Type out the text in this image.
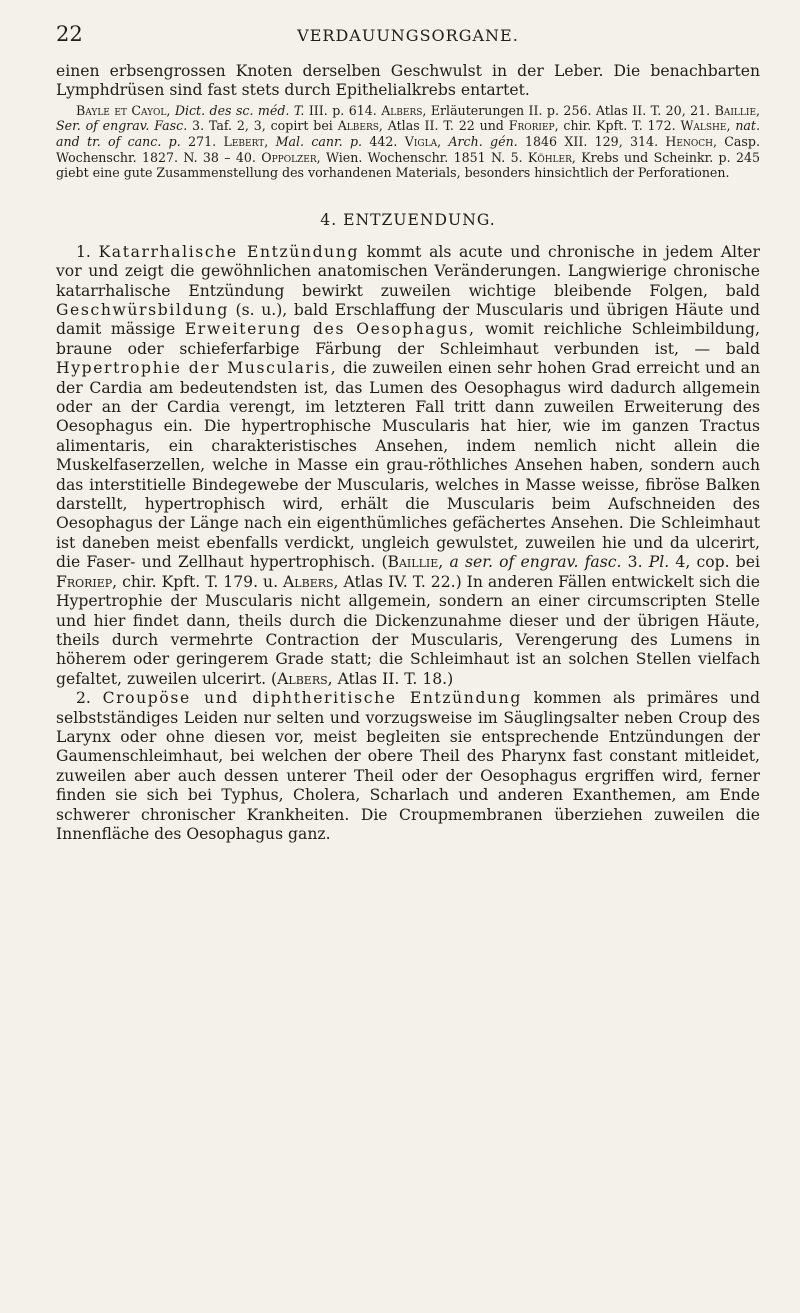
22	VERDAUUNGSORGANE.

einen erbsengrossen Knoten derselben Geschwulst in der Leber. Die benachbarten Lymphdrüsen sind fast stets durch Epithelialkrebs entartet.

Bayle et Cayol, Dict. des sc. méd. T. III. p. 614. Albers, Erläuterungen II. p. 256. Atlas II. T. 20, 21. Baillie, Ser. of engrav. Fasc. 3. Taf. 2, 3, copirt bei Albers, Atlas II. T. 22 und Froriep, chir. Kpft. T. 172. Walshe, nat. and tr. of canc. p. 271. Lebert, Mal. canr. p. 442. Vigla, Arch. gén. 1846 XII. 129, 314. Henoch, Casp. Wochenschr. 1827. N. 38 – 40. Oppolzer, Wien. Wochenschr. 1851 N. 5. Köhler, Krebs und Scheinkr. p. 245 giebt eine gute Zusammenstellung des vorhandenen Materials, besonders hinsichtlich der Perforationen.

4. ENTZUENDUNG.

1. Katarrhalische Entzündung kommt als acute und chronische in jedem Alter vor und zeigt die gewöhnlichen anatomischen Veränderungen. Langwierige chronische katarrhalische Entzündung bewirkt zuweilen wichtige bleibende Folgen, bald Geschwürsbildung (s. u.), bald Erschlaffung der Muscularis und übrigen Häute und damit mässige Erweiterung des Oesophagus, womit reichliche Schleimbildung, braune oder schieferfarbige Färbung der Schleimhaut verbunden ist, — bald Hypertrophie der Muscularis, die zuweilen einen sehr hohen Grad erreicht und an der Cardia am bedeutendsten ist, das Lumen des Oesophagus wird dadurch allgemein oder an der Cardia verengt, im letzteren Fall tritt dann zuweilen Erweiterung des Oesophagus ein. Die hypertrophische Muscularis hat hier, wie im ganzen Tractus alimentaris, ein charakteristisches Ansehen, indem nemlich nicht allein die Muskelfaserzellen, welche in Masse ein grau-röthliches Ansehen haben, sondern auch das interstitielle Bindegewebe der Muscularis, welches in Masse weisse, fibröse Balken darstellt, hypertrophisch wird, erhält die Muscularis beim Aufschneiden des Oesophagus der Länge nach ein eigenthümliches gefächertes Ansehen. Die Schleimhaut ist daneben meist ebenfalls verdickt, ungleich gewulstet, zuweilen hie und da ulcerirt, die Faser- und Zellhaut hypertrophisch. (Baillie, a ser. of engrav. fasc. 3. Pl. 4, cop. bei Froriep, chir. Kpft. T. 179. u. Albers, Atlas IV. T. 22.) In anderen Fällen entwickelt sich die Hypertrophie der Muscularis nicht allgemein, sondern an einer circumscripten Stelle und hier findet dann, theils durch die Dickenzunahme dieser und der übrigen Häute, theils durch vermehrte Contraction der Muscularis, Verengerung des Lumens in höherem oder geringerem Grade statt; die Schleimhaut ist an solchen Stellen vielfach gefaltet, zuweilen ulcerirt. (Albers, Atlas II. T. 18.)

2. Croupöse und diphtheritische Entzündung kommen als primäres und selbstständiges Leiden nur selten und vorzugsweise im Säuglingsalter neben Croup des Larynx oder ohne diesen vor, meist begleiten sie entsprechende Entzündungen der Gaumenschleimhaut, bei welchen der obere Theil des Pharynx fast constant mitleidet, zuweilen aber auch dessen unterer Theil oder der Oesophagus ergriffen wird, ferner finden sie sich bei Typhus, Cholera, Scharlach und anderen Exanthemen, am Ende schwerer chronischer Krankheiten. Die Croupmembranen überziehen zuweilen die Innenfläche des Oesophagus ganz.
